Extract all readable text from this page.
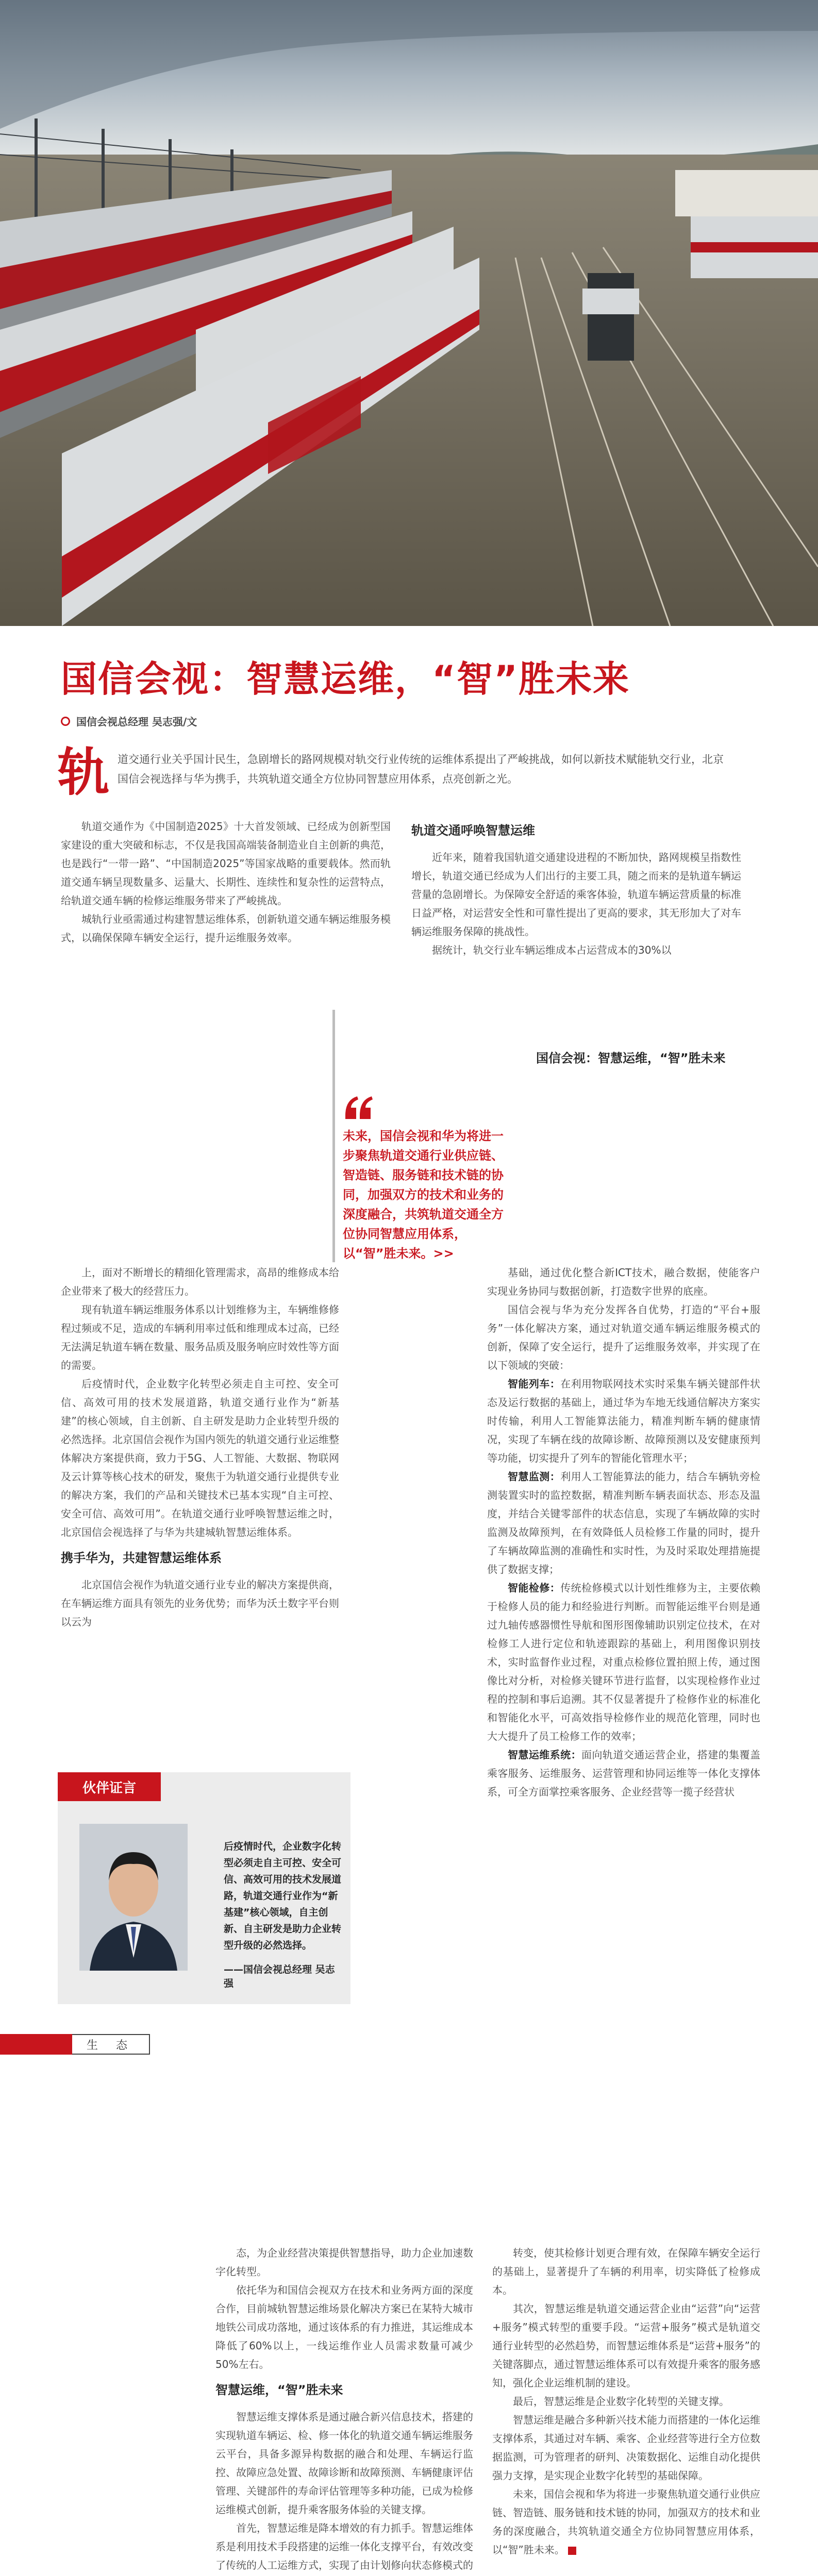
国信会视：智慧运维，“智”胜未来
国信会视总经理 吴志强/文
轨 道交通行业关乎国计民生，急剧增长的路网规模对轨交行业传统的运维体系提出了严峻挑战，如何以新技术赋能轨交行业，北京国信会视选择与华为携手，共筑轨道交通全方位协同智慧应用体系，点亮创新之光。

轨道交通作为《中国制造2025》十大首发领域、已经成为创新型国家建设的重大突破和标志，不仅是我国高端装备制造业自主创新的典范，也是践行“一带一路”、“中国制造2025”等国家战略的重要载体。然而轨道交通车辆呈现数量多、运量大、长期性、连续性和复杂性的运营特点，给轨道交通车辆的检修运维服务带来了严峻挑战。

城轨行业亟需通过构建智慧运维体系，创新轨道交通车辆运维服务模式，以确保保障车辆安全运行，提升运维服务效率。

轨道交通呼唤智慧运维

近年来，随着我国轨道交通建设进程的不断加快，路网规模呈指数性增长，轨道交通已经成为人们出行的主要工具，随之而来的是轨道车辆运营量的急剧增长。为保障安全舒适的乘客体验，轨道车辆运营质量的标准日益严格，对运营安全性和可靠性提出了更高的要求，其无形加大了对车辆运维服务保障的挑战性。

据统计，轨交行业车辆运维成本占运营成本的30%以

国信会视：智慧运维，“智”胜未来
未来，国信会视和华为将进一步聚焦轨道交通行业供应链、智造链、服务链和技术链的协同，加强双方的技术和业务的深度融合，共筑轨道交通全方位协同智慧应用体系，以“智”胜未来。>>

上，面对不断增长的精细化管理需求，高昂的维修成本给企业带来了极大的经营压力。

现有轨道车辆运维服务体系以计划维修为主，车辆维修修程过频或不足，造成的车辆利用率过低和维理成本过高，已经无法满足轨道车辆在数量、服务品质及服务响应时效性等方面的需要。

后疫情时代，企业数字化转型必须走自主可控、安全可信、高效可用的技术发展道路，轨道交通行业作为“新基建”的核心领域，自主创新、自主研发是助力企业转型升级的必然选择。北京国信会视作为国内领先的轨道交通行业运维整体解决方案提供商，致力于5G、人工智能、大数据、物联网及云计算等核心技术的研发，聚焦于为轨道交通行业提供专业的解决方案，我们的产品和关键技术已基本实现“自主可控、安全可信、高效可用”。在轨道交通行业呼唤智慧运维之时，北京国信会视选择了与华为共建城轨智慧运维体系。

携手华为，共建智慧运维体系

北京国信会视作为轨道交通行业专业的解决方案提供商，在车辆运维方面具有领先的业务优势；而华为沃土数字平台则以云为

基础，通过优化整合新ICT技术，融合数据，使能客户实现业务协同与数据创新，打造数字世界的底座。

国信会视与华为充分发挥各自优势，打造的“平台+服务”一体化解决方案，通过对轨道交通车辆运维服务模式的创新，保障了安全运行，提升了运维服务效率，并实现了在以下领域的突破：

智能列车：在利用物联网技术实时采集车辆关键部件状态及运行数据的基础上，通过华为车地无线通信解决方案实时传输，利用人工智能算法能力，精准判断车辆的健康情况，实现了车辆在线的故障诊断、故障预测以及安健康预判等功能，切实提升了列车的智能化管理水平；

智慧监测：利用人工智能算法的能力，结合车辆轨旁检测装置实时的监控数据，精准判断车辆表面状态、形态及温度，并结合关键零部件的状态信息，实现了车辆故障的实时监测及故障预判，在有效降低人员检修工作量的同时，提升了车辆故障监测的准确性和实时性，为及时采取处理措施提供了数据支撑；

智能检修：传统检修模式以计划性维修为主，主要依赖于检修人员的能力和经验进行判断。而智能运维平台则是通过九轴传感器惯性导航和图形图像辅助识别定位技术，在对检修工人进行定位和轨迹跟踪的基础上，利用图像识别技术，实时监督作业过程，对重点检修位置拍照上传，通过图像比对分析，对检修关键环节进行监督，以实现检修作业过程的控制和事后追溯。其不仅显著提升了检修作业的标准化和智能化水平，可高效指导检修作业的规范化管理，同时也大大提升了员工检修工作的效率；

智慧运维系统：面向轨道交通运营企业，搭建的集覆盖乘客服务、运维服务、运营管理和协同运维等一体化支撑体系，可全方面掌控乘客服务、企业经营等一揽子经营状

伙伴证言
后疫情时代，企业数字化转型必须走自主可控、安全可信、高效可用的技术发展道路，轨道交通行业作为“新基建”核心领域，自主创新、自主研发是助力企业转型升级的必然选择。
——国信会视总经理 吴志强
生 态

态，为企业经营决策提供智慧指导，助力企业加速数字化转型。

依托华为和国信会视双方在技术和业务两方面的深度合作，目前城轨智慧运维场景化解决方案已在某特大城市地铁公司成功落地，通过该体系的有力推进，其运维成本降低了60%以上，一线运维作业人员需求数量可减少50%左右。

智慧运维，“智”胜未来

智慧运维支撑体系是通过融合新兴信息技术，搭建的实现轨道车辆运、检、修一体化的轨道交通车辆运维服务云平台，具备多源异构数据的融合和处理、车辆运行监控、故障应急处置、故障诊断和故障预测、车辆健康评估管理、关键部件的寿命评估管理等多种功能，已成为检修运维模式创新，提升乘客服务体验的关键支撑。

首先，智慧运维是降本增效的有力抓手。智慧运维体系是利用技术手段搭建的运维一体化支撑平台，有效改变了传统的人工运维方式，实现了由计划修向状态修模式的

转变，使其检修计划更合理有效，在保障车辆安全运行的基础上，显著提升了车辆的利用率，切实降低了检修成本。

其次，智慧运维是轨道交通运营企业由“运营”向“运营+服务”模式转型的重要手段。“运营+服务”模式是轨道交通行业转型的必然趋势，而智慧运维体系是“运营+服务”的关键落脚点，通过智慧运维体系可以有效提升乘客的服务感知，强化企业运维机制的建设。

最后，智慧运维是企业数字化转型的关键支撑。

智慧运维是融合多种新兴技术能力而搭建的一体化运维支撑体系，其通过对车辆、乘客、企业经营等进行全方位数据监测，可为管理者的研判、决策数据化、运维自动化提供强力支撑，是实现企业数字化转型的基础保障。

未来，国信会视和华为将进一步聚焦轨道交通行业供应链、智造链、服务链和技术链的协同，加强双方的技术和业务的深度融合，共筑轨道交通全方位协同智慧应用体系，以“智”胜未来。
